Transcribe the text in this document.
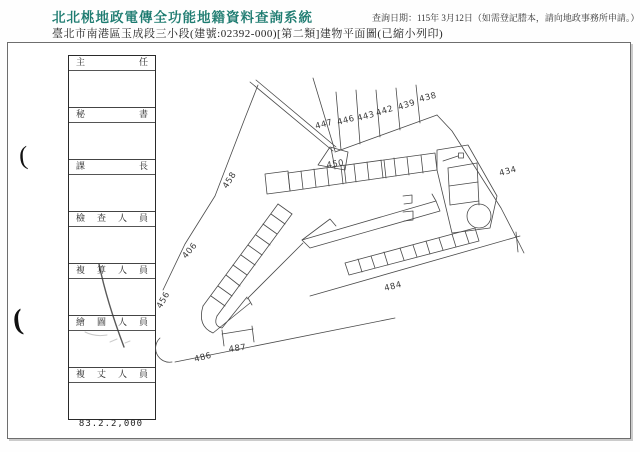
北北桃地政電傳全功能地籍資料查詢系統	查詢日期：115年 3月12日（如需登記謄本，請向地政事務所申請。）
臺北市南港區玉成段三小段(建號:02392-000)[第二類]建物平面圖(已縮小列印)
(
(
主任
秘書
課長
檢查人員
複算人員
繪圖人員
複丈人員
83.2.2,000
447 446 443
442 439
438
450
434
458
406
456
486
487
484
